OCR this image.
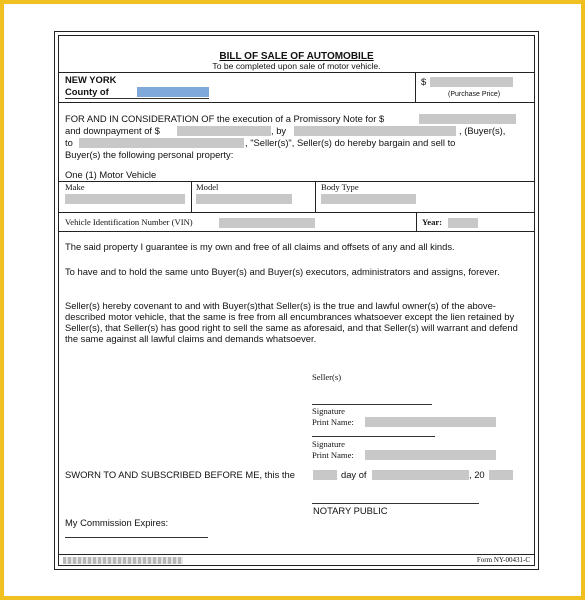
BILL OF SALE OF AUTOMOBILE
To be completed upon sale of motor vehicle.
NEW YORK
County of
$
(Purchase Price)
FOR AND IN CONSIDERATION OF the execution of a Promissory Note for $
and downpayment of $	, by	, (Buyer(s),
to	, "Seller(s)", Seller(s) do hereby bargain and sell to
Buyer(s) the following personal property:
One (1) Motor Vehicle
Make	Model	Body Type
Vehicle Identification Number (VIN)	Year:

The said property I guarantee is my own and free of all claims and offsets of any and all kinds.

To have and to hold the same unto Buyer(s) and Buyer(s) executors, administrators and assigns, forever.

Seller(s) hereby covenant to and with Buyer(s)that Seller(s) is the true and lawful owner(s) of the above-described motor vehicle, that the same is free from all encumbrances whatsoever except the lien retained by Seller(s), that Seller(s) has good right to sell the same as aforesaid, and that Seller(s) will warrant and defend the same against all lawful claims and demands whatsoever.

Seller(s)
Signature
Print Name:
Signature
Print Name:
SWORN TO AND SUBSCRIBED BEFORE ME, this the	day of	, 20
NOTARY PUBLIC
My Commission Expires:
Form NY-00431-C
